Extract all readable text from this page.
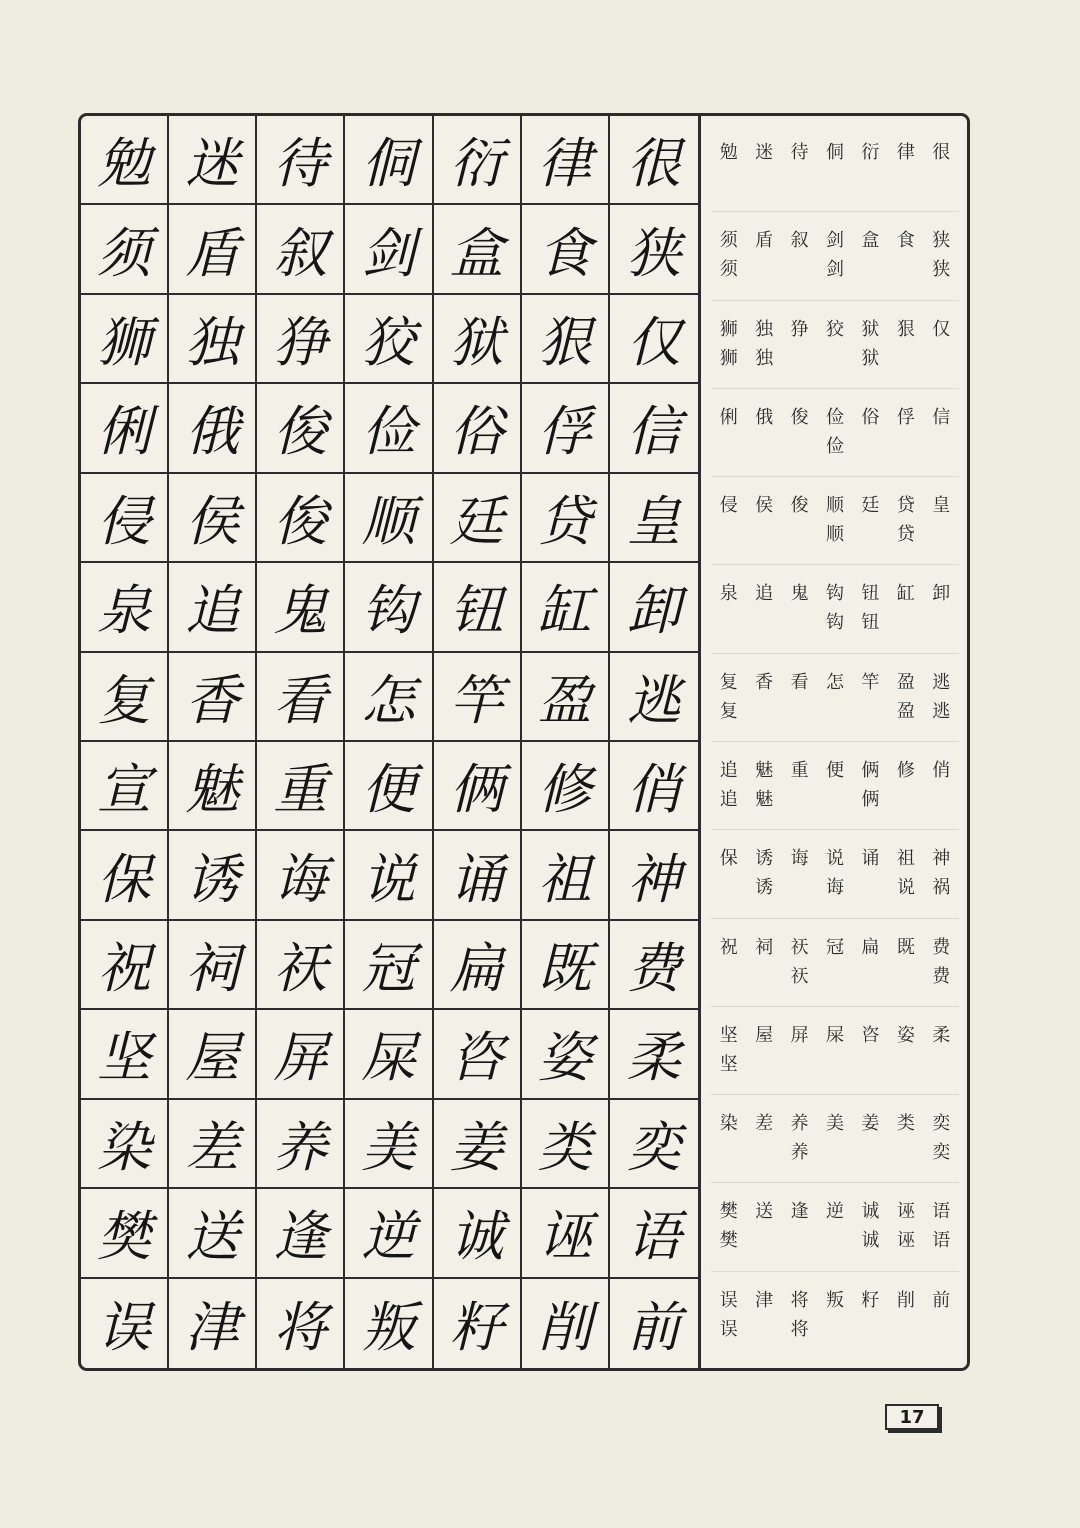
勉 迷 待 侗 衍 律 很
须 盾 叙 剑 盒 食 狭
狮 独 狰 狡 狱 狠 仅
俐 俄 俊 俭 俗 俘 信
侵 侯 俊 顺 廷 贷 皇
泉 追 鬼 钩 钮 缸 卸
复 香 看 怎 竿 盈 逃
宣 魅 重 便 俩 修 俏
保 诱 诲 说 诵 祖 神
祝 祠 祆 冠 扁 既 费
坚 屋 屏 屎 咨 姿 柔
染 差 养 美 姜 类 奕
樊 送 逢 逆 诚 诬 语
误 津 将 叛 籽 削 前
勉 迷 待 侗 衍 律 很
须
须
盾 叙 剑
剑
盒 食 狭
狭
狮
狮
独
独
狰 狡 狱
狱
狠 仅
俐 俄 俊 俭
俭
俗 俘 信
侵 侯 俊 顺
顺
廷 贷
贷
皇
泉 追 鬼 钩
钩
钮
钮
缸 卸
复
复
香 看 怎 竿 盈
盈
逃
逃
追
追
魅
魅
重 便 俩
俩
修 俏
保 诱
诱
诲 说
诲
诵 祖
说
神
祸
祝 祠 祆
祆
冠 扁 既 费
费
坚
坚
屋 屏 屎 咨 姿 柔
染 差 养
养
美 姜 类 奕
奕
樊
樊
送 逢 逆 诚
诚
诬
诬
语
语
误
误
津 将
将
叛 籽 削 前
17
